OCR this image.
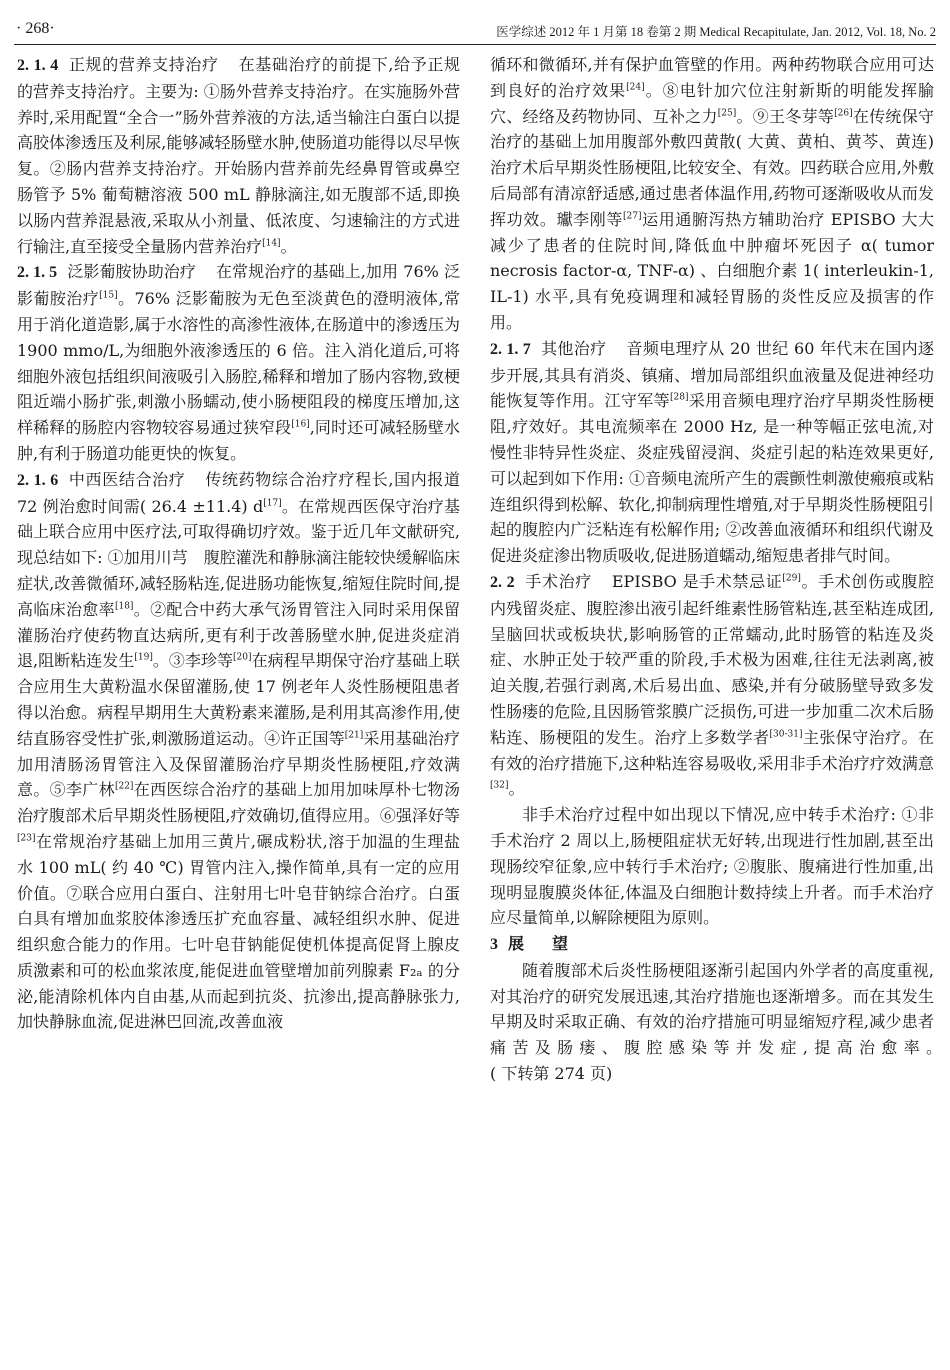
· 268·	医学综述 2012 年 1 月第 18 卷第 2 期 Medical Recapitulate, Jan. 2012, Vol. 18, No. 2

2. 1. 4 正规的营养支持治疗 在基础治疗的前提下,给予正规的营养支持治疗。主要为: ①肠外营养支持治疗。在实施肠外营养时,采用配置“全合一”肠外营养液的方法,适当输注白蛋白以提高胶体渗透压及利尿,能够减轻肠壁水肿,使肠道功能得以尽早恢复。②肠内营养支持治疗。开始肠内营养前先经鼻胃管或鼻空肠管予 5% 葡萄糖溶液 500 mL 静脉滴注,如无腹部不适,即换以肠内营养混悬液,采取从小剂量、低浓度、匀速输注的方式进行输注,直至接受全量肠内营养治疗[14]。

2. 1. 5 泛影葡胺协助治疗 在常规治疗的基础上,加用 76% 泛影葡胺治疗[15]。76% 泛影葡胺为无色至淡黄色的澄明液体,常用于消化道造影,属于水溶性的高渗性液体,在肠道中的渗透压为 1900 mmo/L,为细胞外液渗透压的 6 倍。注入消化道后,可将细胞外液包括组织间液吸引入肠腔,稀释和增加了肠内容物,致梗阻近端小肠扩张,刺激小肠蠕动,使小肠梗阻段的梯度压增加,这样稀释的肠腔内容物较容易通过狭窄段[16],同时还可减轻肠壁水肿,有利于肠道功能更快的恢复。

2. 1. 6 中西医结合治疗 传统药物综合治疗疗程长,国内报道 72 例治愈时间需( 26.4 ±11.4) d[17]。在常规西医保守治疗基础上联合应用中医疗法,可取得确切疗效。鉴于近几年文献研究,现总结如下: ①加用川芎　腹腔灌洗和静脉滴注能较快缓解临床症状,改善微循环,减轻肠粘连,促进肠功能恢复,缩短住院时间,提高临床治愈率[18]。②配合中药大承气汤胃管注入同时采用保留灌肠治疗使药物直达病所,更有利于改善肠壁水肿,促进炎症消退,阻断粘连发生[19]。③李珍等[20]在病程早期保守治疗基础上联合应用生大黄粉温水保留灌肠,使 17 例老年人炎性肠梗阻患者得以治愈。病程早期用生大黄粉素来灌肠,是利用其高渗作用,使结直肠容受性扩张,刺激肠道运动。④许正国等[21]采用基础治疗加用清肠汤胃管注入及保留灌肠治疗早期炎性肠梗阻,疗效满意。⑤李广林[22]在西医综合治疗的基础上加用加味厚朴七物汤治疗腹部术后早期炎性肠梗阻,疗效确切,值得应用。⑥强泽好等[23]在常规治疗基础上加用三黄片,碾成粉状,溶于加温的生理盐水 100 mL( 约 40 ℃) 胃管内注入,操作简单,具有一定的应用价值。⑦联合应用白蛋白、注射用七叶皂苷钠综合治疗。白蛋白具有增加血浆胶体渗透压扩充血容量、减轻组织水肿、促进组织愈合能力的作用。七叶皂苷钠能促使机体提高促肾上腺皮质激素和可的松血浆浓度,能促进血管壁增加前列腺素 F₂ₐ 的分泌,能清除机体内自由基,从而起到抗炎、抗渗出,提高静脉张力,加快静脉血流,促进淋巴回流,改善血液

循环和微循环,并有保护血管壁的作用。两种药物联合应用可达到良好的治疗效果[24]。⑧电针加穴位注射新斯的明能发挥腧穴、经络及药物协同、互补之力[25]。⑨王冬芽等[26]在传统保守治疗的基础上加用腹部外敷四黄散( 大黄、黄柏、黄芩、黄连) 治疗术后早期炎性肠梗阻,比较安全、有效。四药联合应用,外敷后局部有清凉舒适感,通过患者体温作用,药物可逐渐吸收从而发挥功效。瓛李刚等[27]运用通腑泻热方辅助治疗 EPISBO 大大减少了患者的住院时间,降低血中肿瘤坏死因子 α( tumor necrosis factor-α, TNF-α) 、白细胞介素 1( interleukin-1, IL-1) 水平,具有免疫调理和减轻胃肠的炎性反应及损害的作用。

2. 1. 7 其他治疗 音频电理疗从 20 世纪 60 年代末在国内逐步开展,其具有消炎、镇痛、增加局部组织血液量及促进神经功能恢复等作用。江守军等[28]采用音频电理疗治疗早期炎性肠梗阻,疗效好。其电流频率在 2000 Hz, 是一种等幅正弦电流,对慢性非特异性炎症、炎症残留浸润、炎症引起的粘连效果更好,可以起到如下作用: ①音频电流所产生的震颤性刺激使瘢痕或粘连组织得到松解、软化,抑制病理性增殖,对于早期炎性肠梗阻引起的腹腔内广泛粘连有松解作用; ②改善血液循环和组织代谢及促进炎症渗出物质吸收,促进肠道蠕动,缩短患者排气时间。

2. 2 手术治疗 EPISBO 是手术禁忌证[29]。手术创伤或腹腔内残留炎症、腹腔渗出液引起纤维素性肠管粘连,甚至粘连成团,呈脑回状或板块状,影响肠管的正常蠕动,此时肠管的粘连及炎症、水肿正处于较严重的阶段,手术极为困难,往往无法剥离,被迫关腹,若强行剥离,术后易出血、感染,并有分破肠壁导致多发性肠瘘的危险,且因肠管浆膜广泛损伤,可进一步加重二次术后肠粘连、肠梗阻的发生。治疗上多数学者[30-31]主张保守治疗。在有效的治疗措施下,这种粘连容易吸收,采用非手术治疗疗效满意[32]。

非手术治疗过程中如出现以下情况,应中转手术治疗: ①非手术治疗 2 周以上,肠梗阻症状无好转,出现进行性加剧,甚至出现肠绞窄征象,应中转行手术治疗; ②腹胀、腹痛进行性加重,出现明显腹膜炎体征,体温及白细胞计数持续上升者。而手术治疗应尽量简单,以解除梗阻为原则。

3 展　望

随着腹部术后炎性肠梗阻逐渐引起国内外学者的高度重视,对其治疗的研究发展迅速,其治疗措施也逐渐增多。而在其发生早期及时采取正确、有效的治疗措施可明显缩短疗程,减少患者痛苦及肠瘘、腹腔感染等并发症,提高治愈率。　( 下转第 274 页)
